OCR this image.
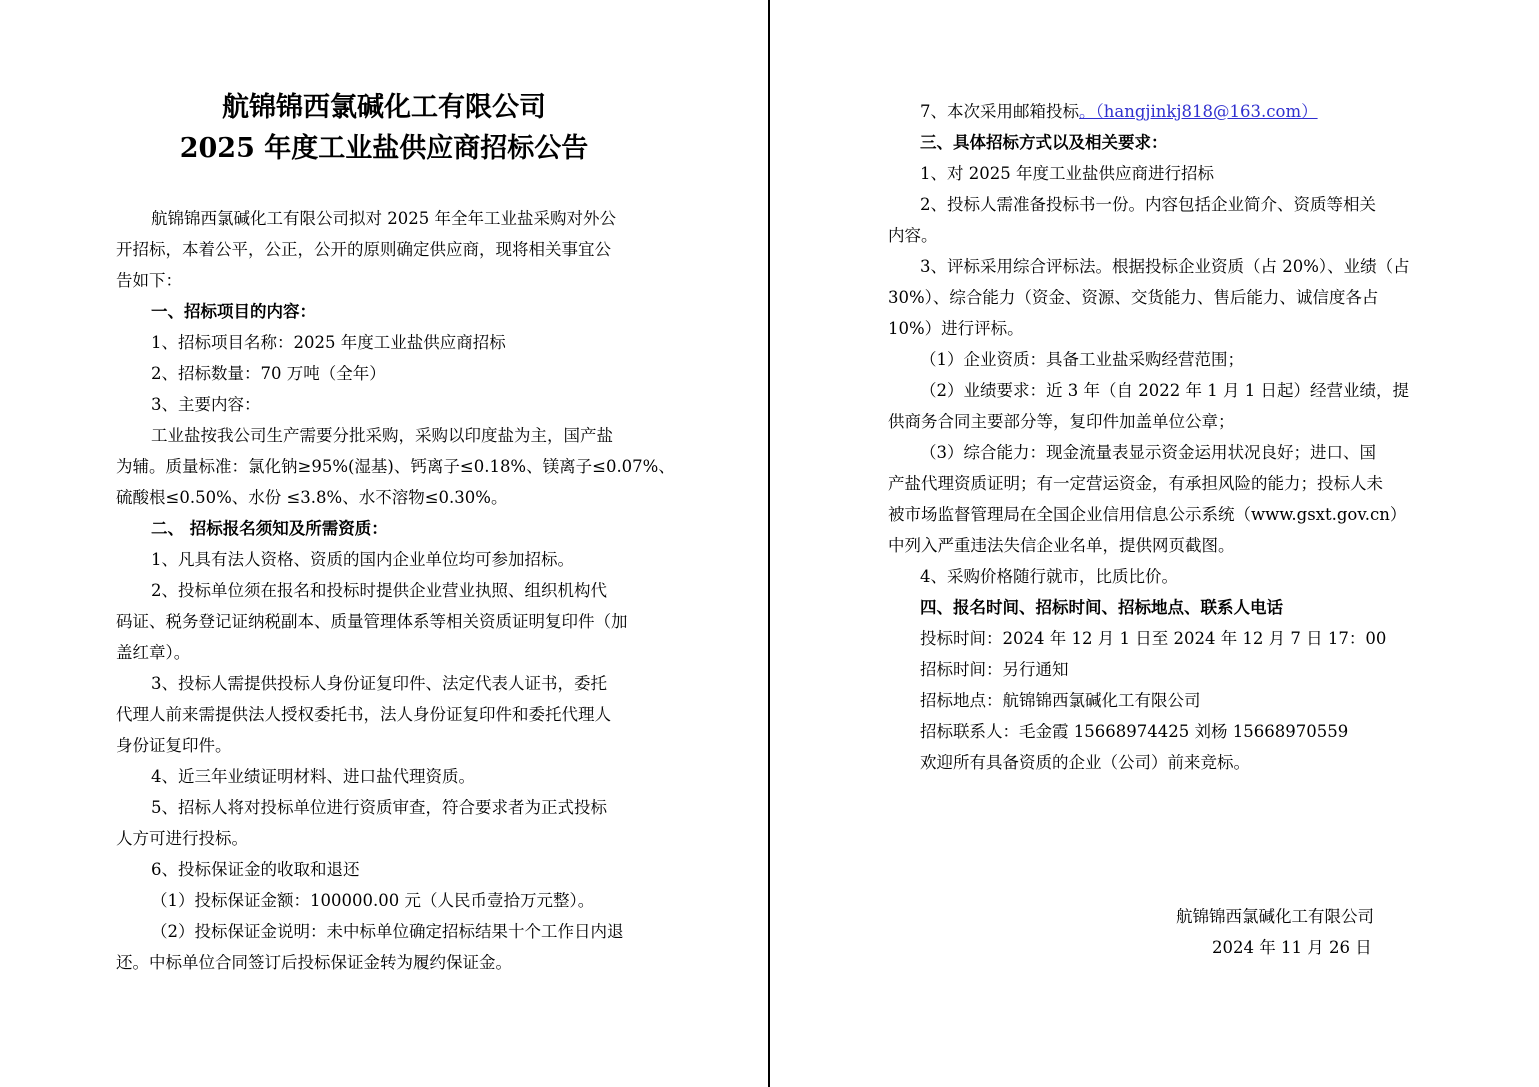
航锦锦西氯碱化工有限公司
2025 年度工业盐供应商招标公告
航锦锦西氯碱化工有限公司拟对 2025 年全年工业盐采购对外公
开招标，本着公平，公正，公开的原则确定供应商，现将相关事宜公
告如下：
一、招标项目的内容：
1、招标项目名称：2025 年度工业盐供应商招标
2、招标数量：70 万吨（全年）
3、主要内容：
工业盐按我公司生产需要分批采购，采购以印度盐为主，国产盐
为辅。质量标准：氯化钠≥95%(湿基)、钙离子≤0.18%、镁离子≤0.07%、
硫酸根≤0.50%、水份 ≤3.8%、水不溶物≤0.30%。
二、 招标报名须知及所需资质：
1、凡具有法人资格、资质的国内企业单位均可参加招标。
2、投标单位须在报名和投标时提供企业营业执照、组织机构代
码证、税务登记证纳税副本、质量管理体系等相关资质证明复印件（加
盖红章）。
3、投标人需提供投标人身份证复印件、法定代表人证书，委托
代理人前来需提供法人授权委托书，法人身份证复印件和委托代理人
身份证复印件。
4、近三年业绩证明材料、进口盐代理资质。
5、招标人将对投标单位进行资质审查，符合要求者为正式投标
人方可进行投标。
6、投标保证金的收取和退还
（1）投标保证金额：100000.00 元（人民币壹拾万元整）。
（2）投标保证金说明：未中标单位确定招标结果十个工作日内退
还。中标单位合同签订后投标保证金转为履约保证金。
7、本次采用邮箱投标。（hangjinkj818@163.com）
三、具体招标方式以及相关要求：
1、对 2025 年度工业盐供应商进行招标
2、投标人需准备投标书一份。内容包括企业简介、资质等相关
内容。
3、评标采用综合评标法。根据投标企业资质（占 20%）、业绩（占
30%）、综合能力（资金、资源、交货能力、售后能力、诚信度各占
10%）进行评标。
（1）企业资质：具备工业盐采购经营范围；
（2）业绩要求：近 3 年（自 2022 年 1 月 1 日起）经营业绩，提
供商务合同主要部分等，复印件加盖单位公章；
（3）综合能力：现金流量表显示资金运用状况良好；进口、国
产盐代理资质证明；有一定营运资金，有承担风险的能力；投标人未
被市场监督管理局在全国企业信用信息公示系统（www.gsxt.gov.cn）
中列入严重违法失信企业名单，提供网页截图。
4、采购价格随行就市，比质比价。
四、报名时间、招标时间、招标地点、联系人电话
投标时间：2024 年 12 月 1 日至 2024 年 12 月 7 日 17：00
招标时间：另行通知
招标地点：航锦锦西氯碱化工有限公司
招标联系人：毛金霞 15668974425 刘杨 15668970559
欢迎所有具备资质的企业（公司）前来竞标。
航锦锦西氯碱化工有限公司
2024 年 11 月 26 日
